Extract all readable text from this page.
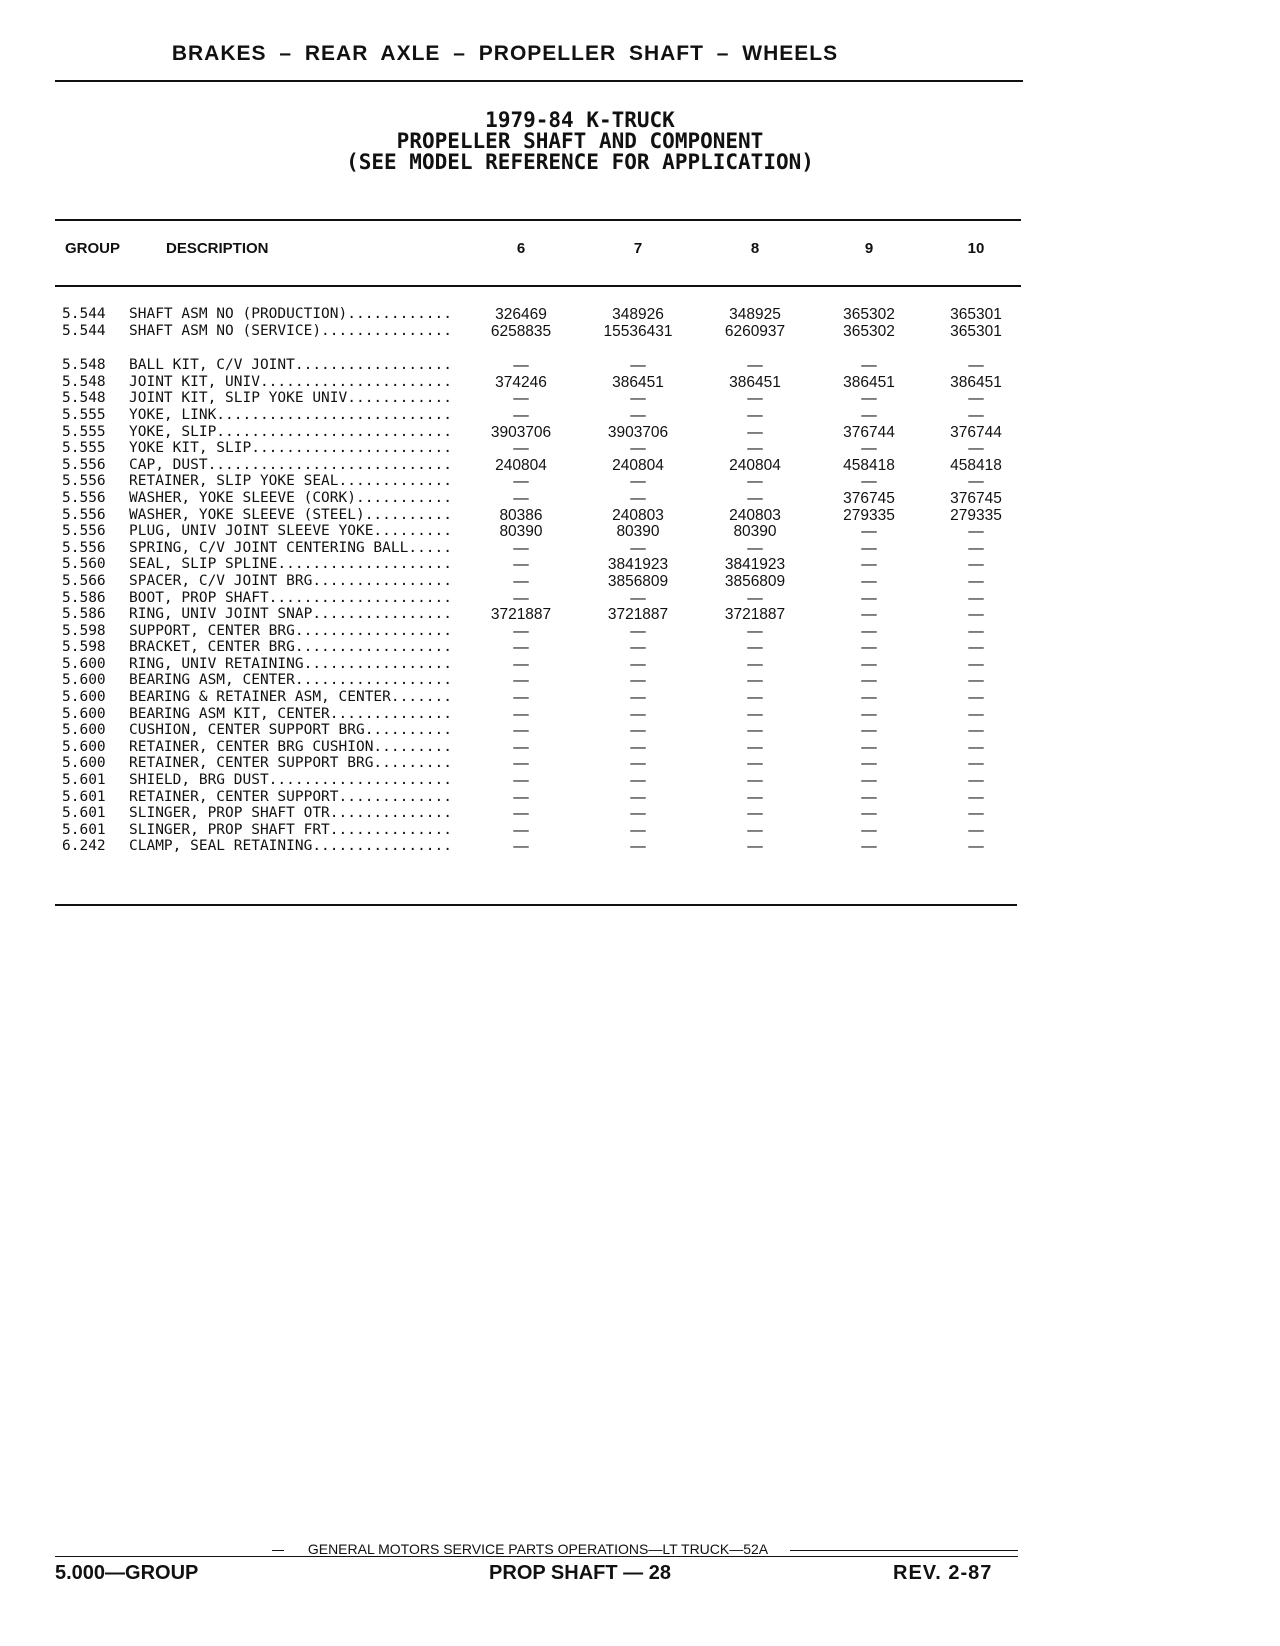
BRAKES – REAR AXLE – PROPELLER SHAFT – WHEELS
1979-84 K-TRUCK
PROPELLER SHAFT AND COMPONENT
(SEE MODEL REFERENCE FOR APPLICATION)
GROUP	DESCRIPTION	6	7	8	9	10
5.544 SHAFT ASM NO (PRODUCTION)............	326469	348926	348925	365302	365301
5.544 SHAFT ASM NO (SERVICE)...............	6258835	15536431	6260937	365302	365301
5.548 BALL KIT, C/V JOINT..................	—	—	—	—	—
5.548 JOINT KIT, UNIV......................	374246	386451	386451	386451	386451
5.548 JOINT KIT, SLIP YOKE UNIV............	—	—	—	—	—
5.555 YOKE, LINK...........................	—	—	—	—	—
5.555 YOKE, SLIP...........................	3903706	3903706	—	376744	376744
5.555 YOKE KIT, SLIP.......................	—	—	—	—	—
5.556 CAP, DUST............................	240804	240804	240804	458418	458418
5.556 RETAINER, SLIP YOKE SEAL.............	—	—	—	—	—
5.556 WASHER, YOKE SLEEVE (CORK)...........	—	—	—	376745	376745
5.556 WASHER, YOKE SLEEVE (STEEL)..........	80386	240803	240803	279335	279335
5.556 PLUG, UNIV JOINT SLEEVE YOKE.........	80390	80390	80390	—	—
5.556 SPRING, C/V JOINT CENTERING BALL.....	—	—	—	—	—
5.560 SEAL, SLIP SPLINE....................	—	3841923	3841923	—	—
5.566 SPACER, C/V JOINT BRG................	—	3856809	3856809	—	—
5.586 BOOT, PROP SHAFT.....................	—	—	—	—	—
5.586 RING, UNIV JOINT SNAP................	3721887	3721887	3721887	—	—
5.598 SUPPORT, CENTER BRG..................	—	—	—	—	—
5.598 BRACKET, CENTER BRG..................	—	—	—	—	—
5.600 RING, UNIV RETAINING.................	—	—	—	—	—
5.600 BEARING ASM, CENTER..................	—	—	—	—	—
5.600 BEARING & RETAINER ASM, CENTER.......	—	—	—	—	—
5.600 BEARING ASM KIT, CENTER..............	—	—	—	—	—
5.600 CUSHION, CENTER SUPPORT BRG..........	—	—	—	—	—
5.600 RETAINER, CENTER BRG CUSHION.........	—	—	—	—	—
5.600 RETAINER, CENTER SUPPORT BRG.........	—	—	—	—	—
5.601 SHIELD, BRG DUST.....................	—	—	—	—	—
5.601 RETAINER, CENTER SUPPORT.............	—	—	—	—	—
5.601 SLINGER, PROP SHAFT OTR..............	—	—	—	—	—
5.601 SLINGER, PROP SHAFT FRT..............	—	—	—	—	—
6.242 CLAMP, SEAL RETAINING................	—	—	—	—	—
GENERAL MOTORS SERVICE PARTS OPERATIONS—LT TRUCK—52A
5.000—GROUP	PROP SHAFT — 28	REV. 2-87
